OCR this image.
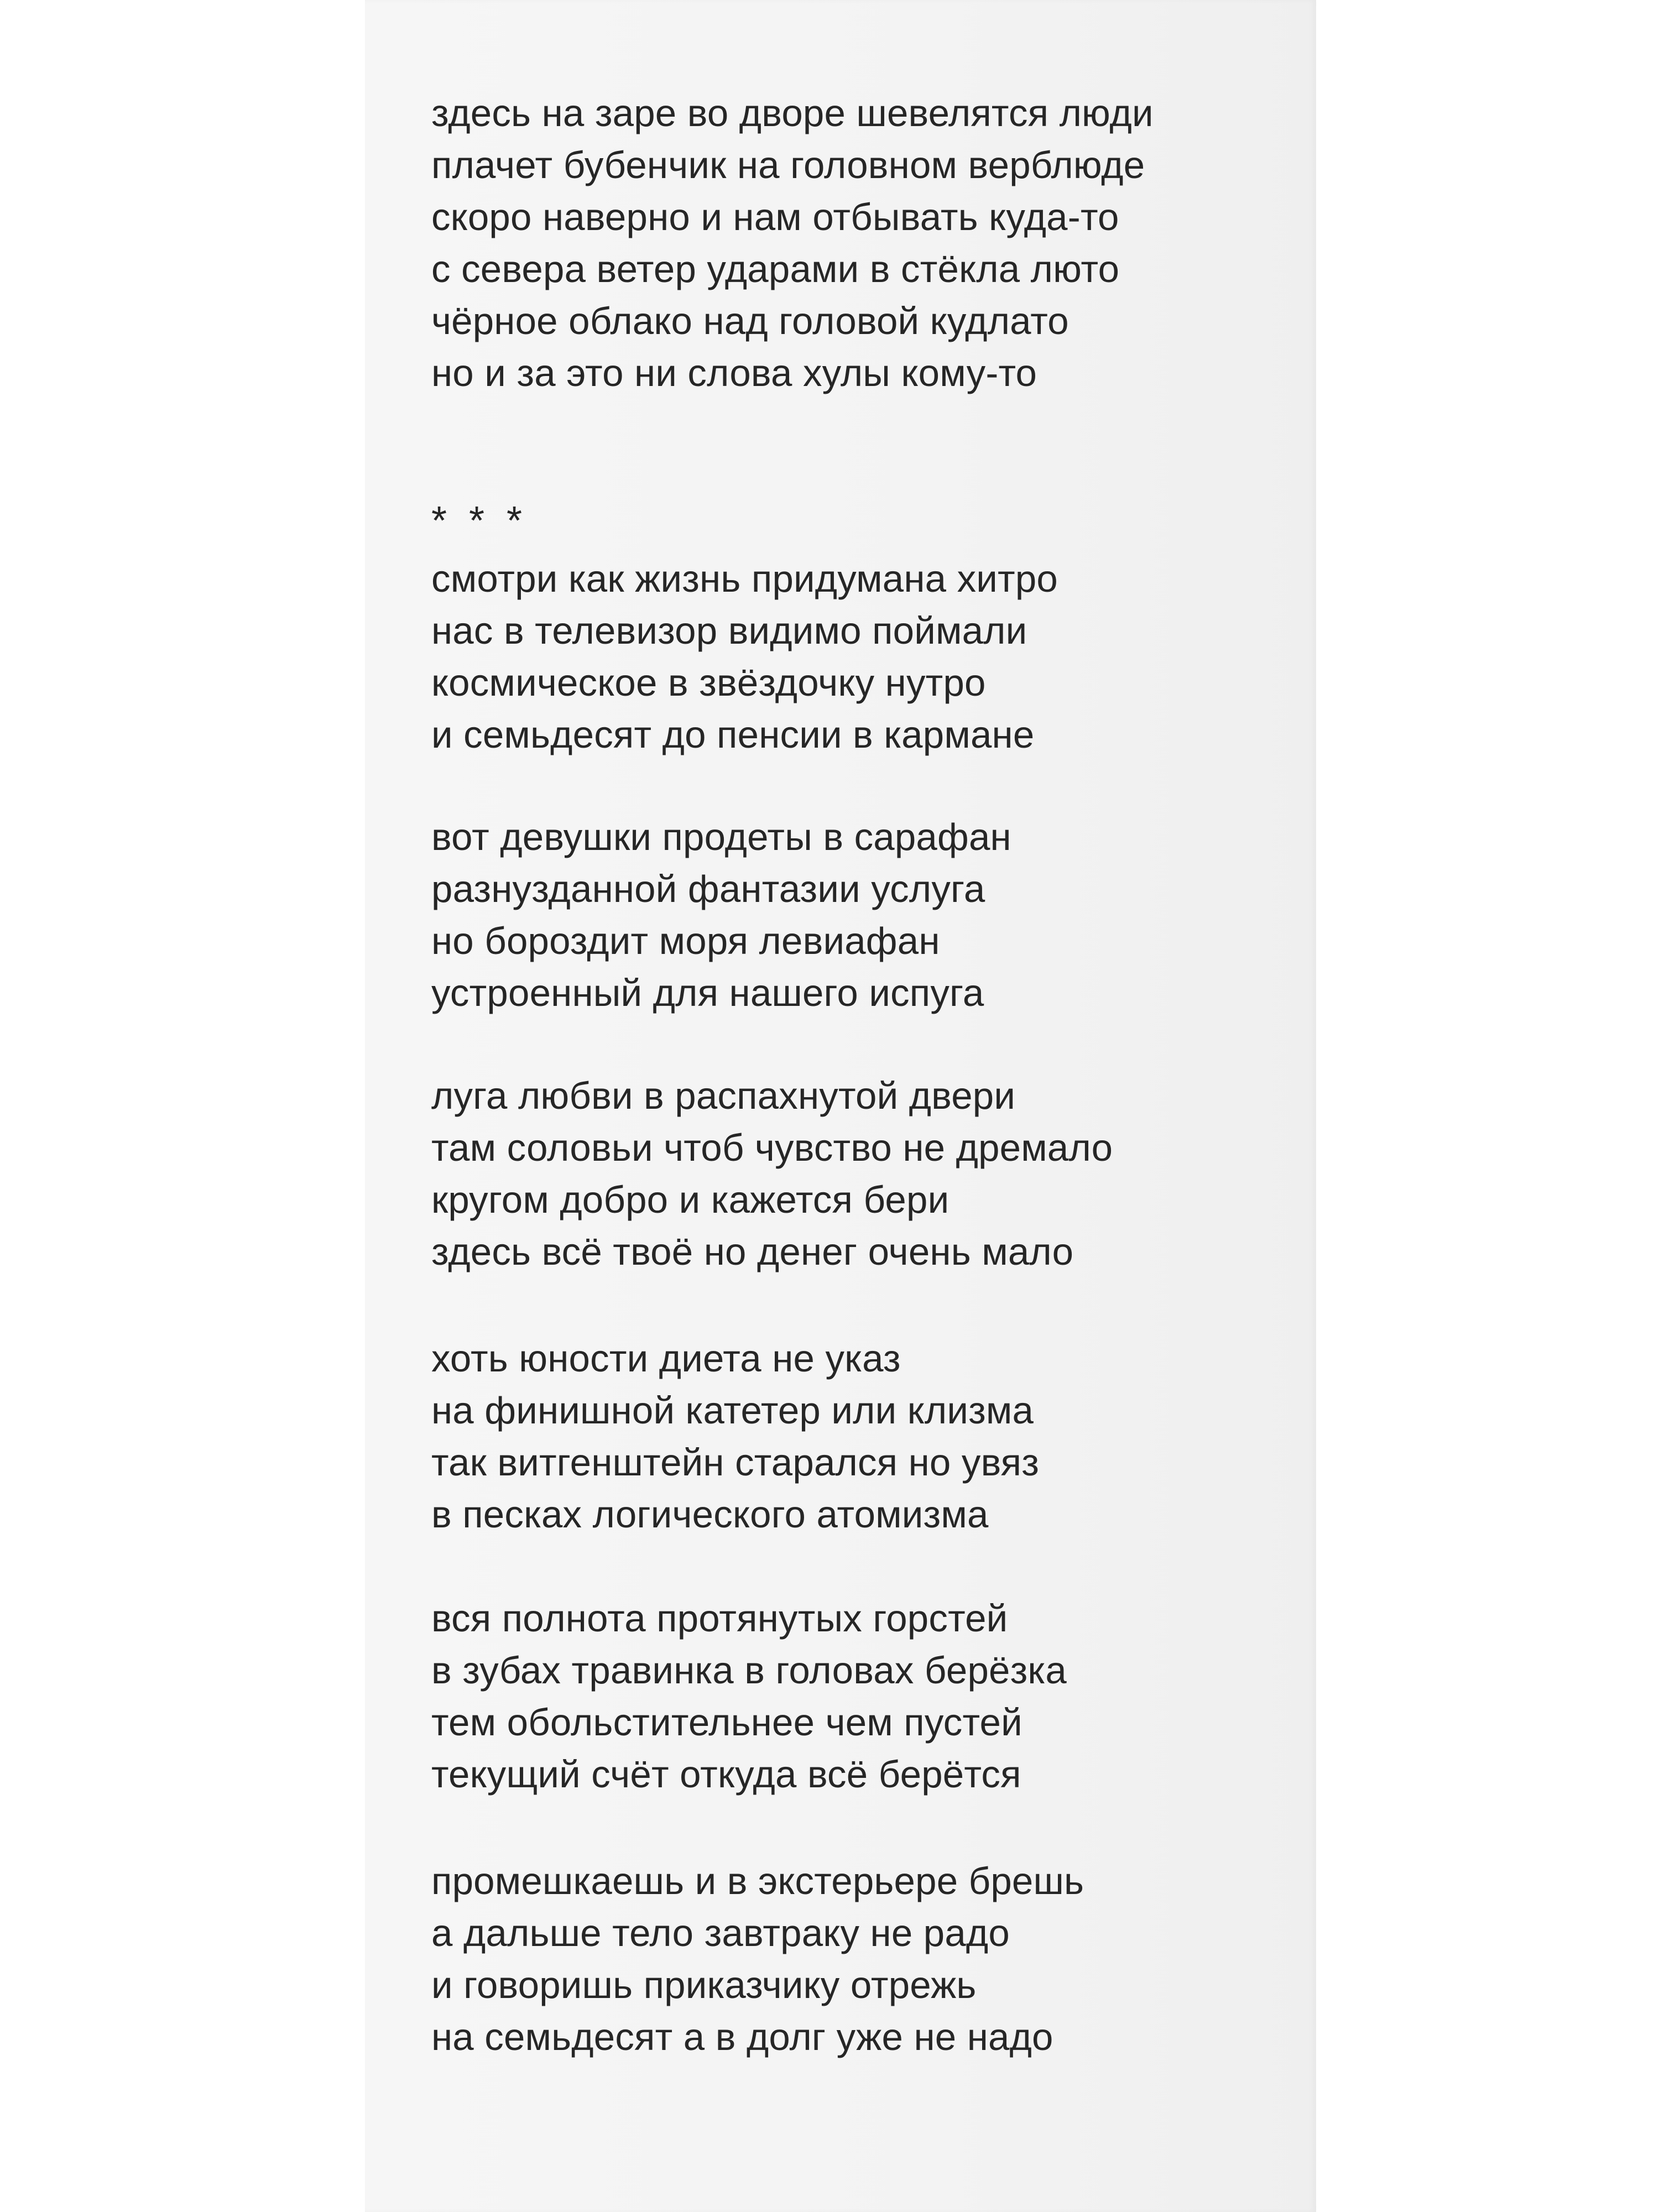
здесь на заре во дворе шевелятся люди
плачет бубенчик на головном верблюде
скоро наверно и нам отбывать куда-то
с севера ветер ударами в стёкла люто
чёрное облако над головой кудлато
но и за это ни слова хулы кому-то
* * *
смотри как жизнь придумана хитро
нас в телевизор видимо поймали
космическое в звёздочку нутро
и семьдесят до пенсии в кармане
вот девушки продеты в сарафан
разнузданной фантазии услуга
но бороздит моря левиафан
устроенный для нашего испуга
луга любви в распахнутой двери
там соловьи чтоб чувство не дремало
кругом добро и кажется бери
здесь всё твоё но денег очень мало
хоть юности диета не указ
на финишной катетер или клизма
так витгенштейн старался но увяз
в песках логического атомизма
вся полнота протянутых горстей
в зубах травинка в головах берёзка
тем обольстительнее чем пустей
текущий счёт откуда всё берётся
промешкаешь и в экстерьере брешь
а дальше тело завтраку не радо
и говоришь приказчику отрежь
на семьдесят а в долг уже не надо
